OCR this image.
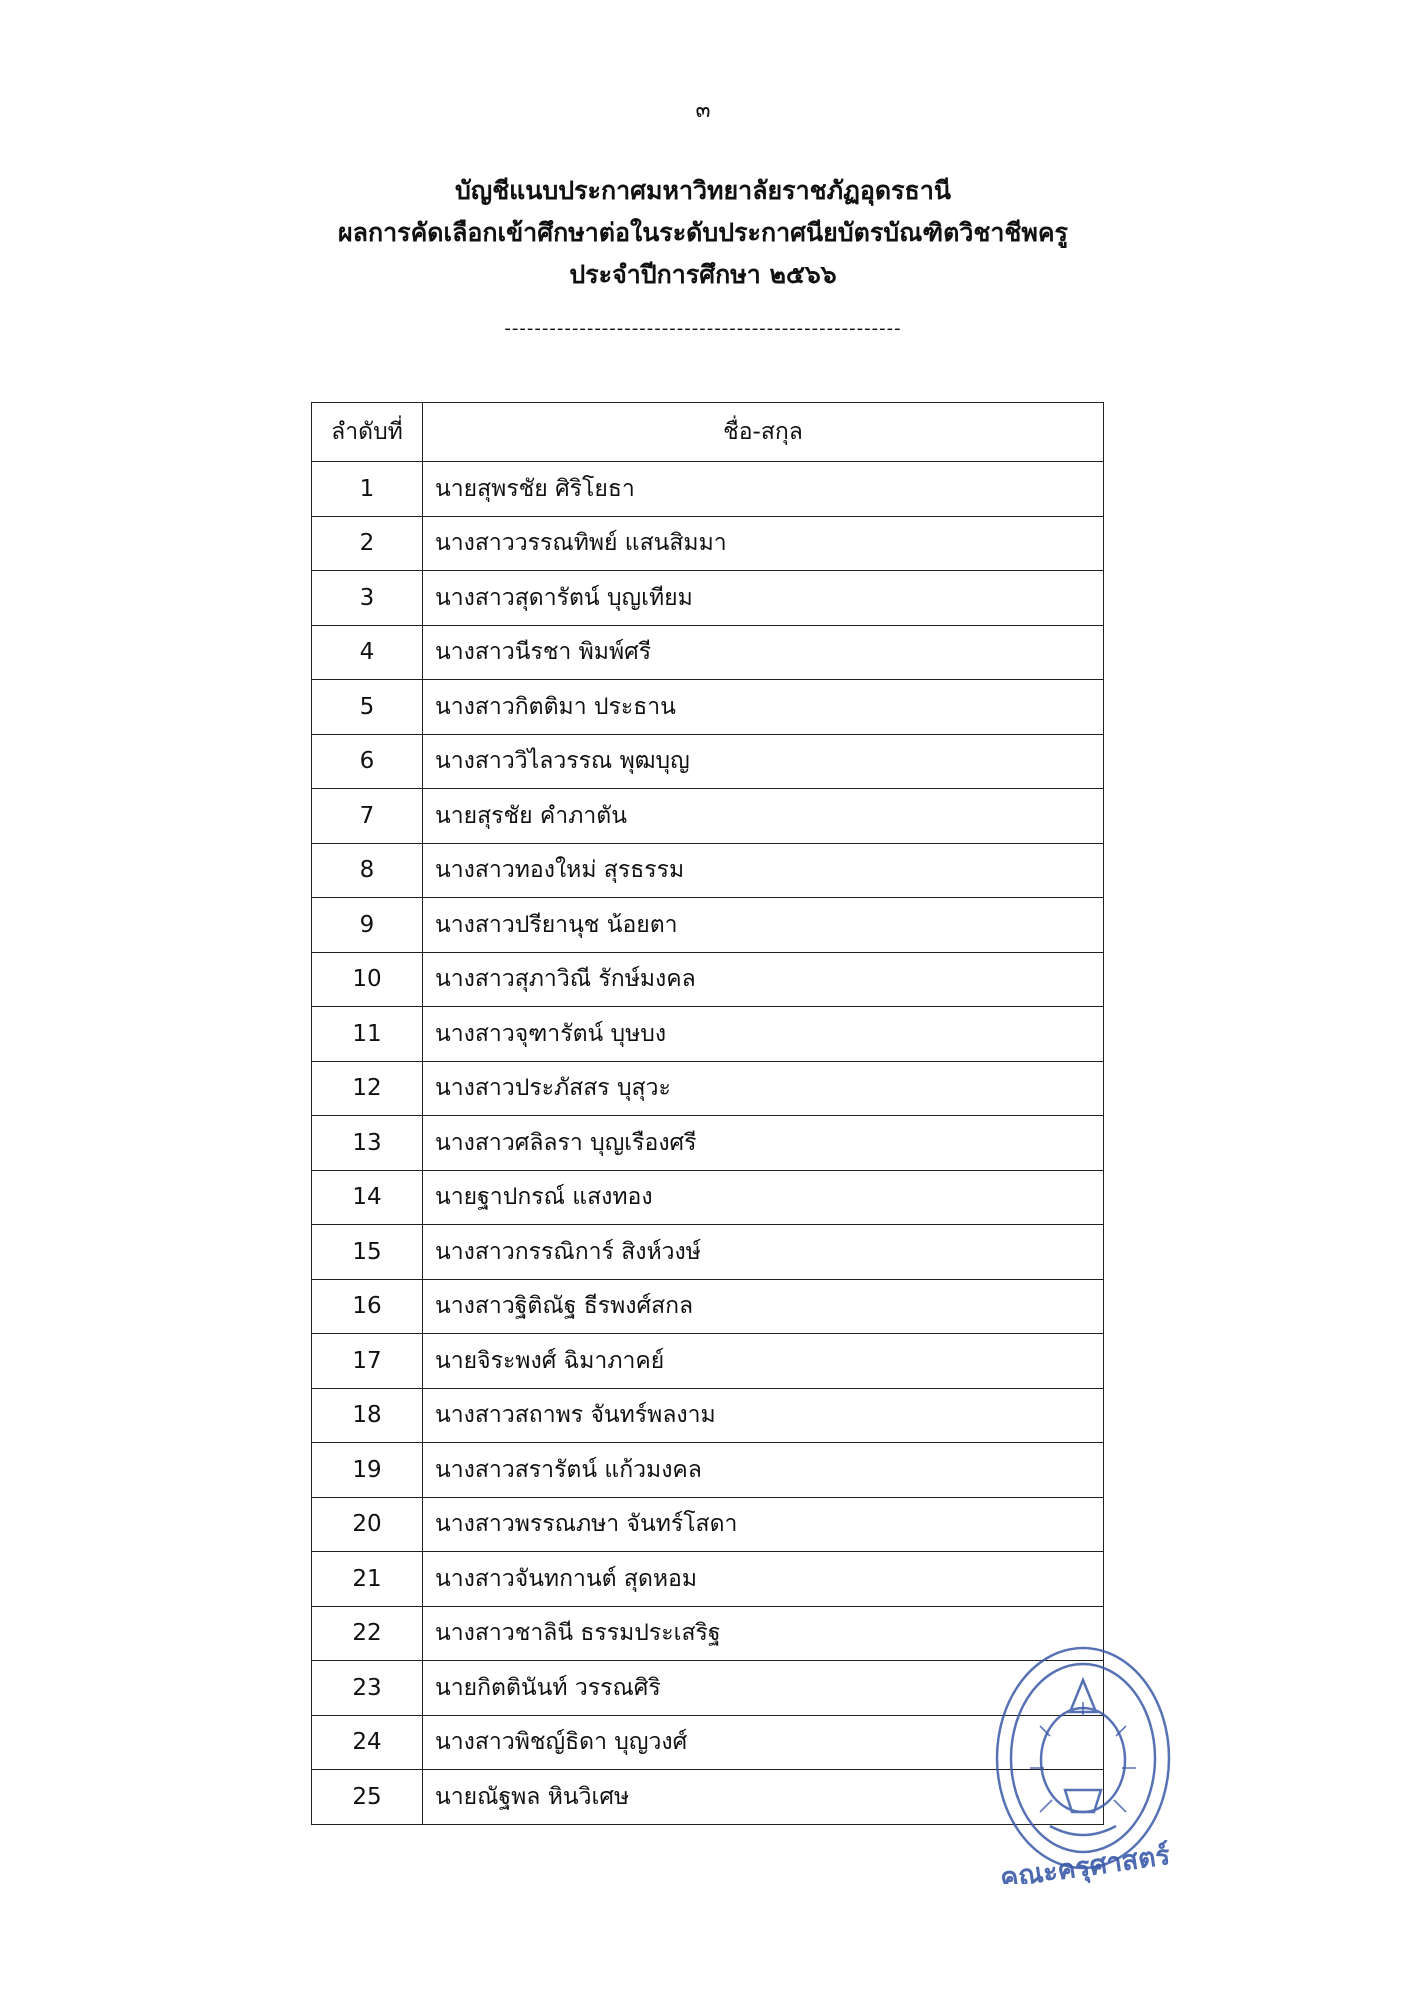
๓
บัญชีแนบประกาศมหาวิทยาลัยราชภัฏอุดรธานี
ผลการคัดเลือกเข้าศึกษาต่อในระดับประกาศนียบัตรบัณฑิตวิชาชีพครู
ประจำปีการศึกษา ๒๕๖๖
-----------------------------------------------------
ลำดับที่	ชื่อ-สกุล
1	นายสุพรชัย ศิริโยธา
2	นางสาววรรณทิพย์ แสนสิมมา
3	นางสาวสุดารัตน์ บุญเทียม
4	นางสาวนีรชา พิมพ์ศรี
5	นางสาวกิตติมา ประธาน
6	นางสาววิไลวรรณ พุฒบุญ
7	นายสุรชัย คำภาตัน
8	นางสาวทองใหม่ สุรธรรม
9	นางสาวปรียานุช น้อยตา
10	นางสาวสุภาวิณี รักษ์มงคล
11	นางสาวจุฑารัตน์ บุษบง
12	นางสาวประภัสสร บุสุวะ
13	นางสาวศลิลรา บุญเรืองศรี
14	นายฐาปกรณ์ แสงทอง
15	นางสาวกรรณิการ์ สิงห์วงษ์
16	นางสาวฐิติณัฐ ธีรพงศ์สกล
17	นายจิระพงศ์ ฉิมาภาคย์
18	นางสาวสถาพร จันทร์พลงาม
19	นางสาวสรารัตน์ แก้วมงคล
20	นางสาวพรรณภษา จันทร์โสดา
21	นางสาวจันทกานต์ สุดหอม
22	นางสาวชาลินี ธรรมประเสริฐ
23	นายกิตตินันท์ วรรณศิริ
24	นางสาวพิชญ์ธิดา บุญวงศ์
25	นายณัฐพล หินวิเศษ
คณะครุศาสตร์
